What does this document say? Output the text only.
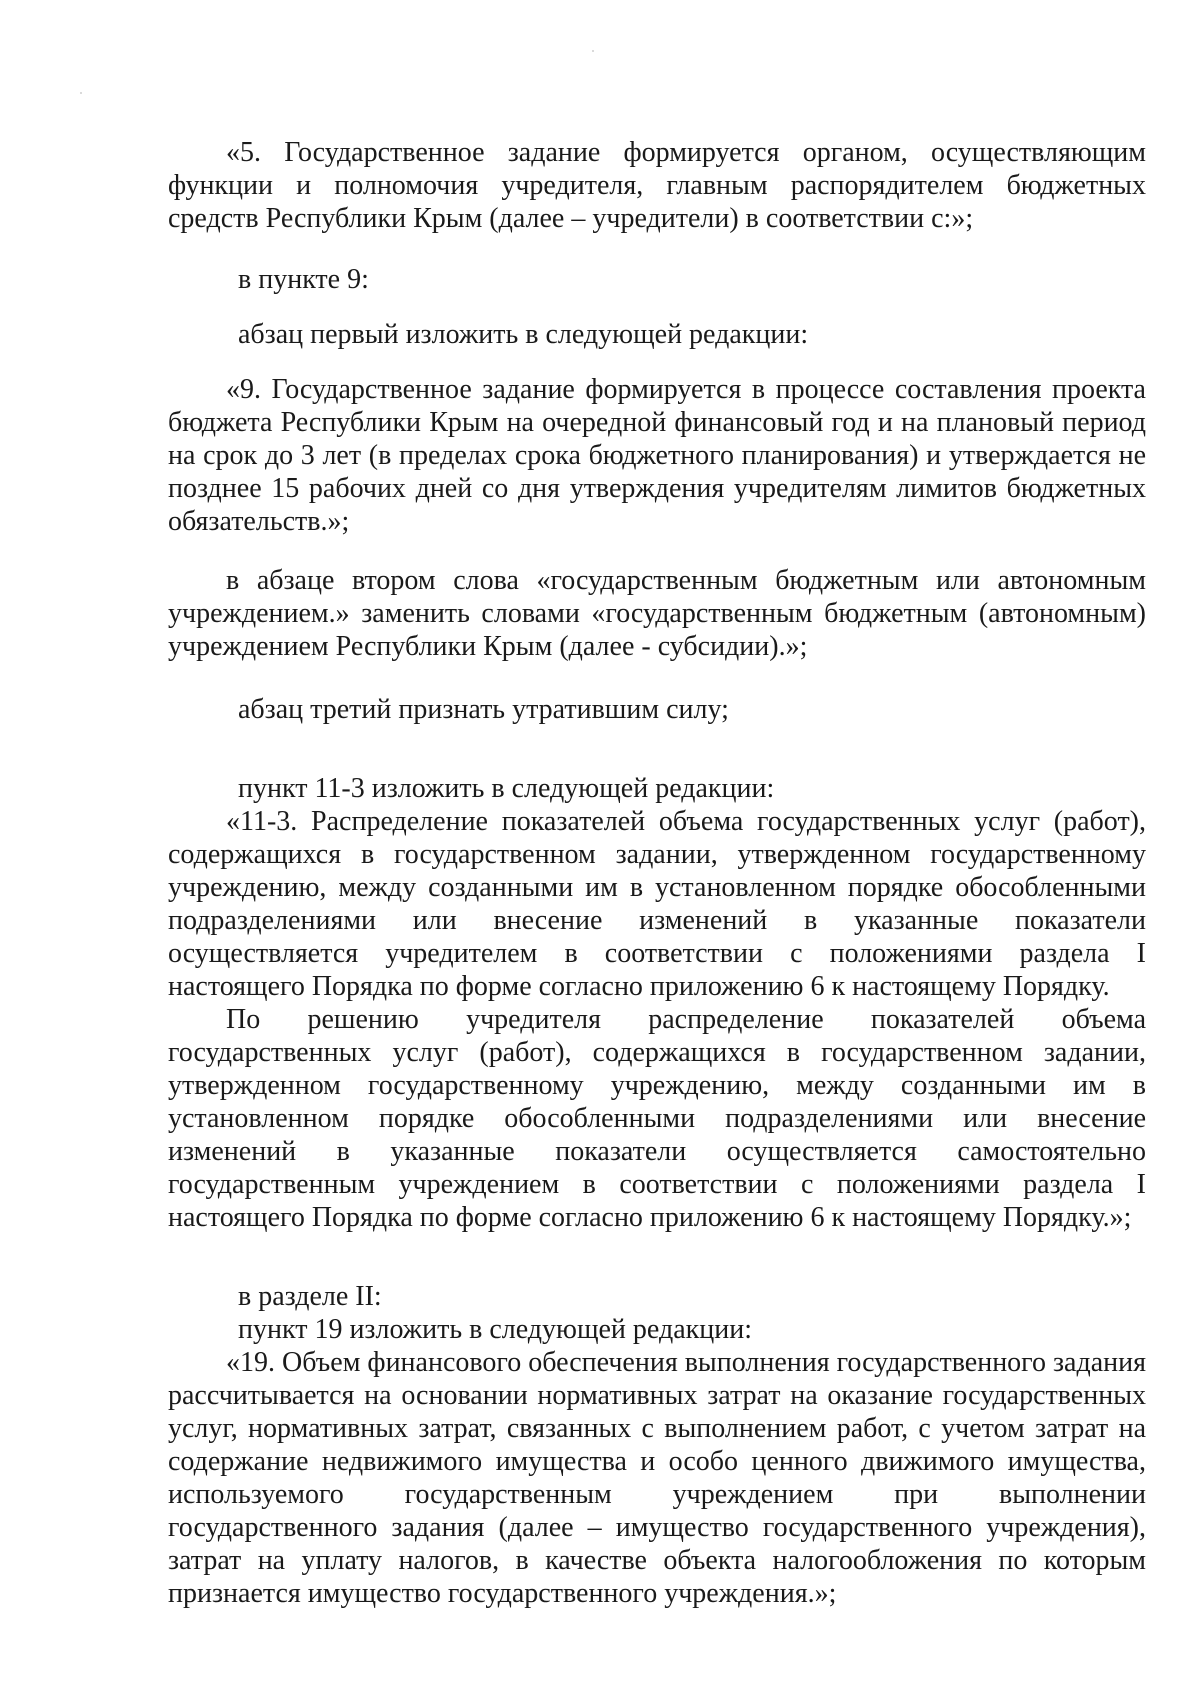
«5. Государственное задание формируется органом, осуществляющим функции и полномочия учредителя, главным распорядителем бюджетных средств Республики Крым (далее – учредители) в соответствии с:»;

в пункте 9:

абзац первый изложить в следующей редакции:

«9. Государственное задание формируется в процессе составления проекта бюджета Республики Крым на очередной финансовый год и на плановый период на срок до 3 лет (в пределах срока бюджетного планирования) и утверждается не позднее 15 рабочих дней со дня утверждения учредителям лимитов бюджетных обязательств.»;

в абзаце втором слова «государственным бюджетным или автономным учреждением.» заменить словами «государственным бюджетным (автономным) учреждением Республики Крым (далее - субсидии).»;

абзац третий признать утратившим силу;

пункт 11-3 изложить в следующей редакции:

«11-3. Распределение показателей объема государственных услуг (работ), содержащихся в государственном задании, утвержденном государственному учреждению, между созданными им в установленном порядке обособленными подразделениями или внесение изменений в указанные показатели осуществляется учредителем в соответствии с положениями раздела I настоящего Порядка по форме согласно приложению 6 к настоящему Порядку.

По решению учредителя распределение показателей объема государственных услуг (работ), содержащихся в государственном задании, утвержденном государственному учреждению, между созданными им в установленном порядке обособленными подразделениями или внесение изменений в указанные показатели осуществляется самостоятельно государственным учреждением в соответствии с положениями раздела I настоящего Порядка по форме согласно приложению 6 к настоящему Порядку.»;

в разделе II:

пункт 19 изложить в следующей редакции:

«19. Объем финансового обеспечения выполнения государственного задания рассчитывается на основании нормативных затрат на оказание государственных услуг, нормативных затрат, связанных с выполнением работ, с учетом затрат на содержание недвижимого имущества и особо ценного движимого имущества, используемого государственным учреждением при выполнении государственного задания (далее – имущество государственного учреждения), затрат на уплату налогов, в качестве объекта налогообложения по которым признается имущество государственного учреждения.»;
